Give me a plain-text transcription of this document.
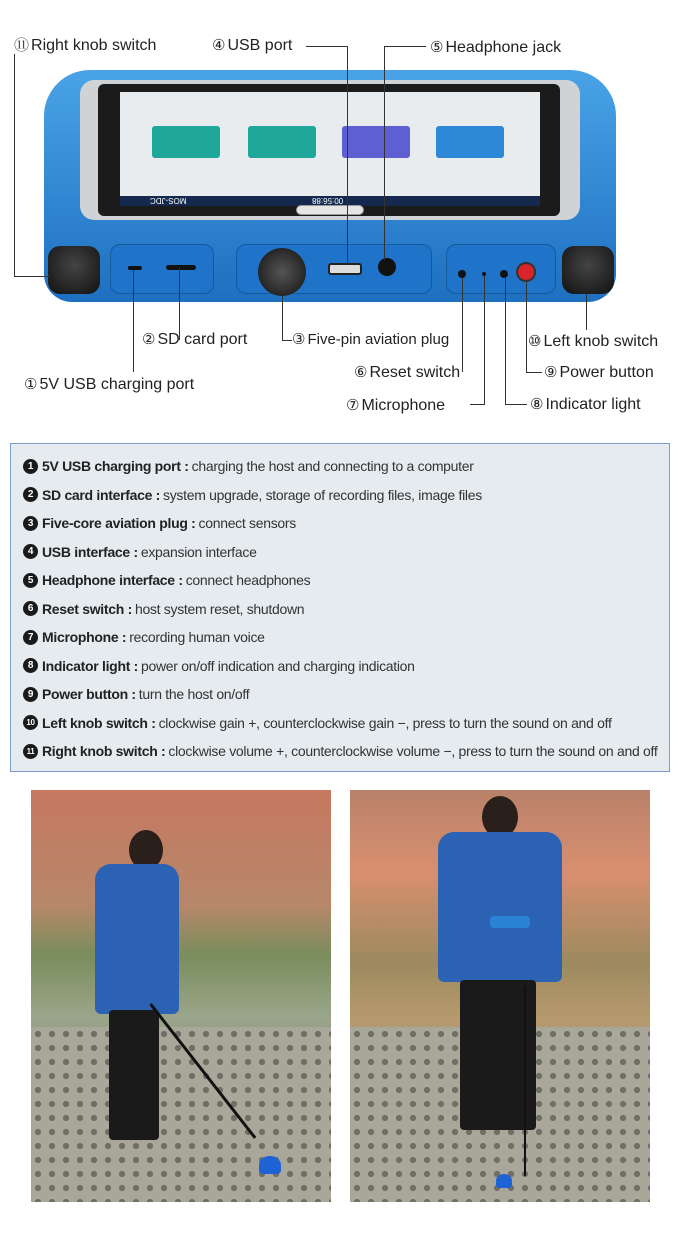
MOS-JDC	00:56:88
⑪ Right knob switch	④ USB port	⑤ Headphone jack
② SD card port	③ Five-pin aviation plug	⑩ Left knob switch
① 5V USB charging port
⑥ Reset switch	⑨ Power button
⑦ Microphone	⑧ Indicator light
1 5V USB charging port : charging the host and connecting to a computer
2 SD card interface : system upgrade, storage of recording files, image files
3 Five-core aviation plug : connect sensors
4 USB interface : expansion interface
5 Headphone interface : connect headphones
6 Reset switch : host system reset, shutdown
7 Microphone : recording human voice
8 Indicator light : power on/off indication and charging indication
9 Power button : turn the host on/off
10 Left knob switch : clockwise gain +, counterclockwise gain −, press to turn the sound on and off
11 Right knob switch : clockwise volume +, counterclockwise volume −, press to turn the sound on and off
